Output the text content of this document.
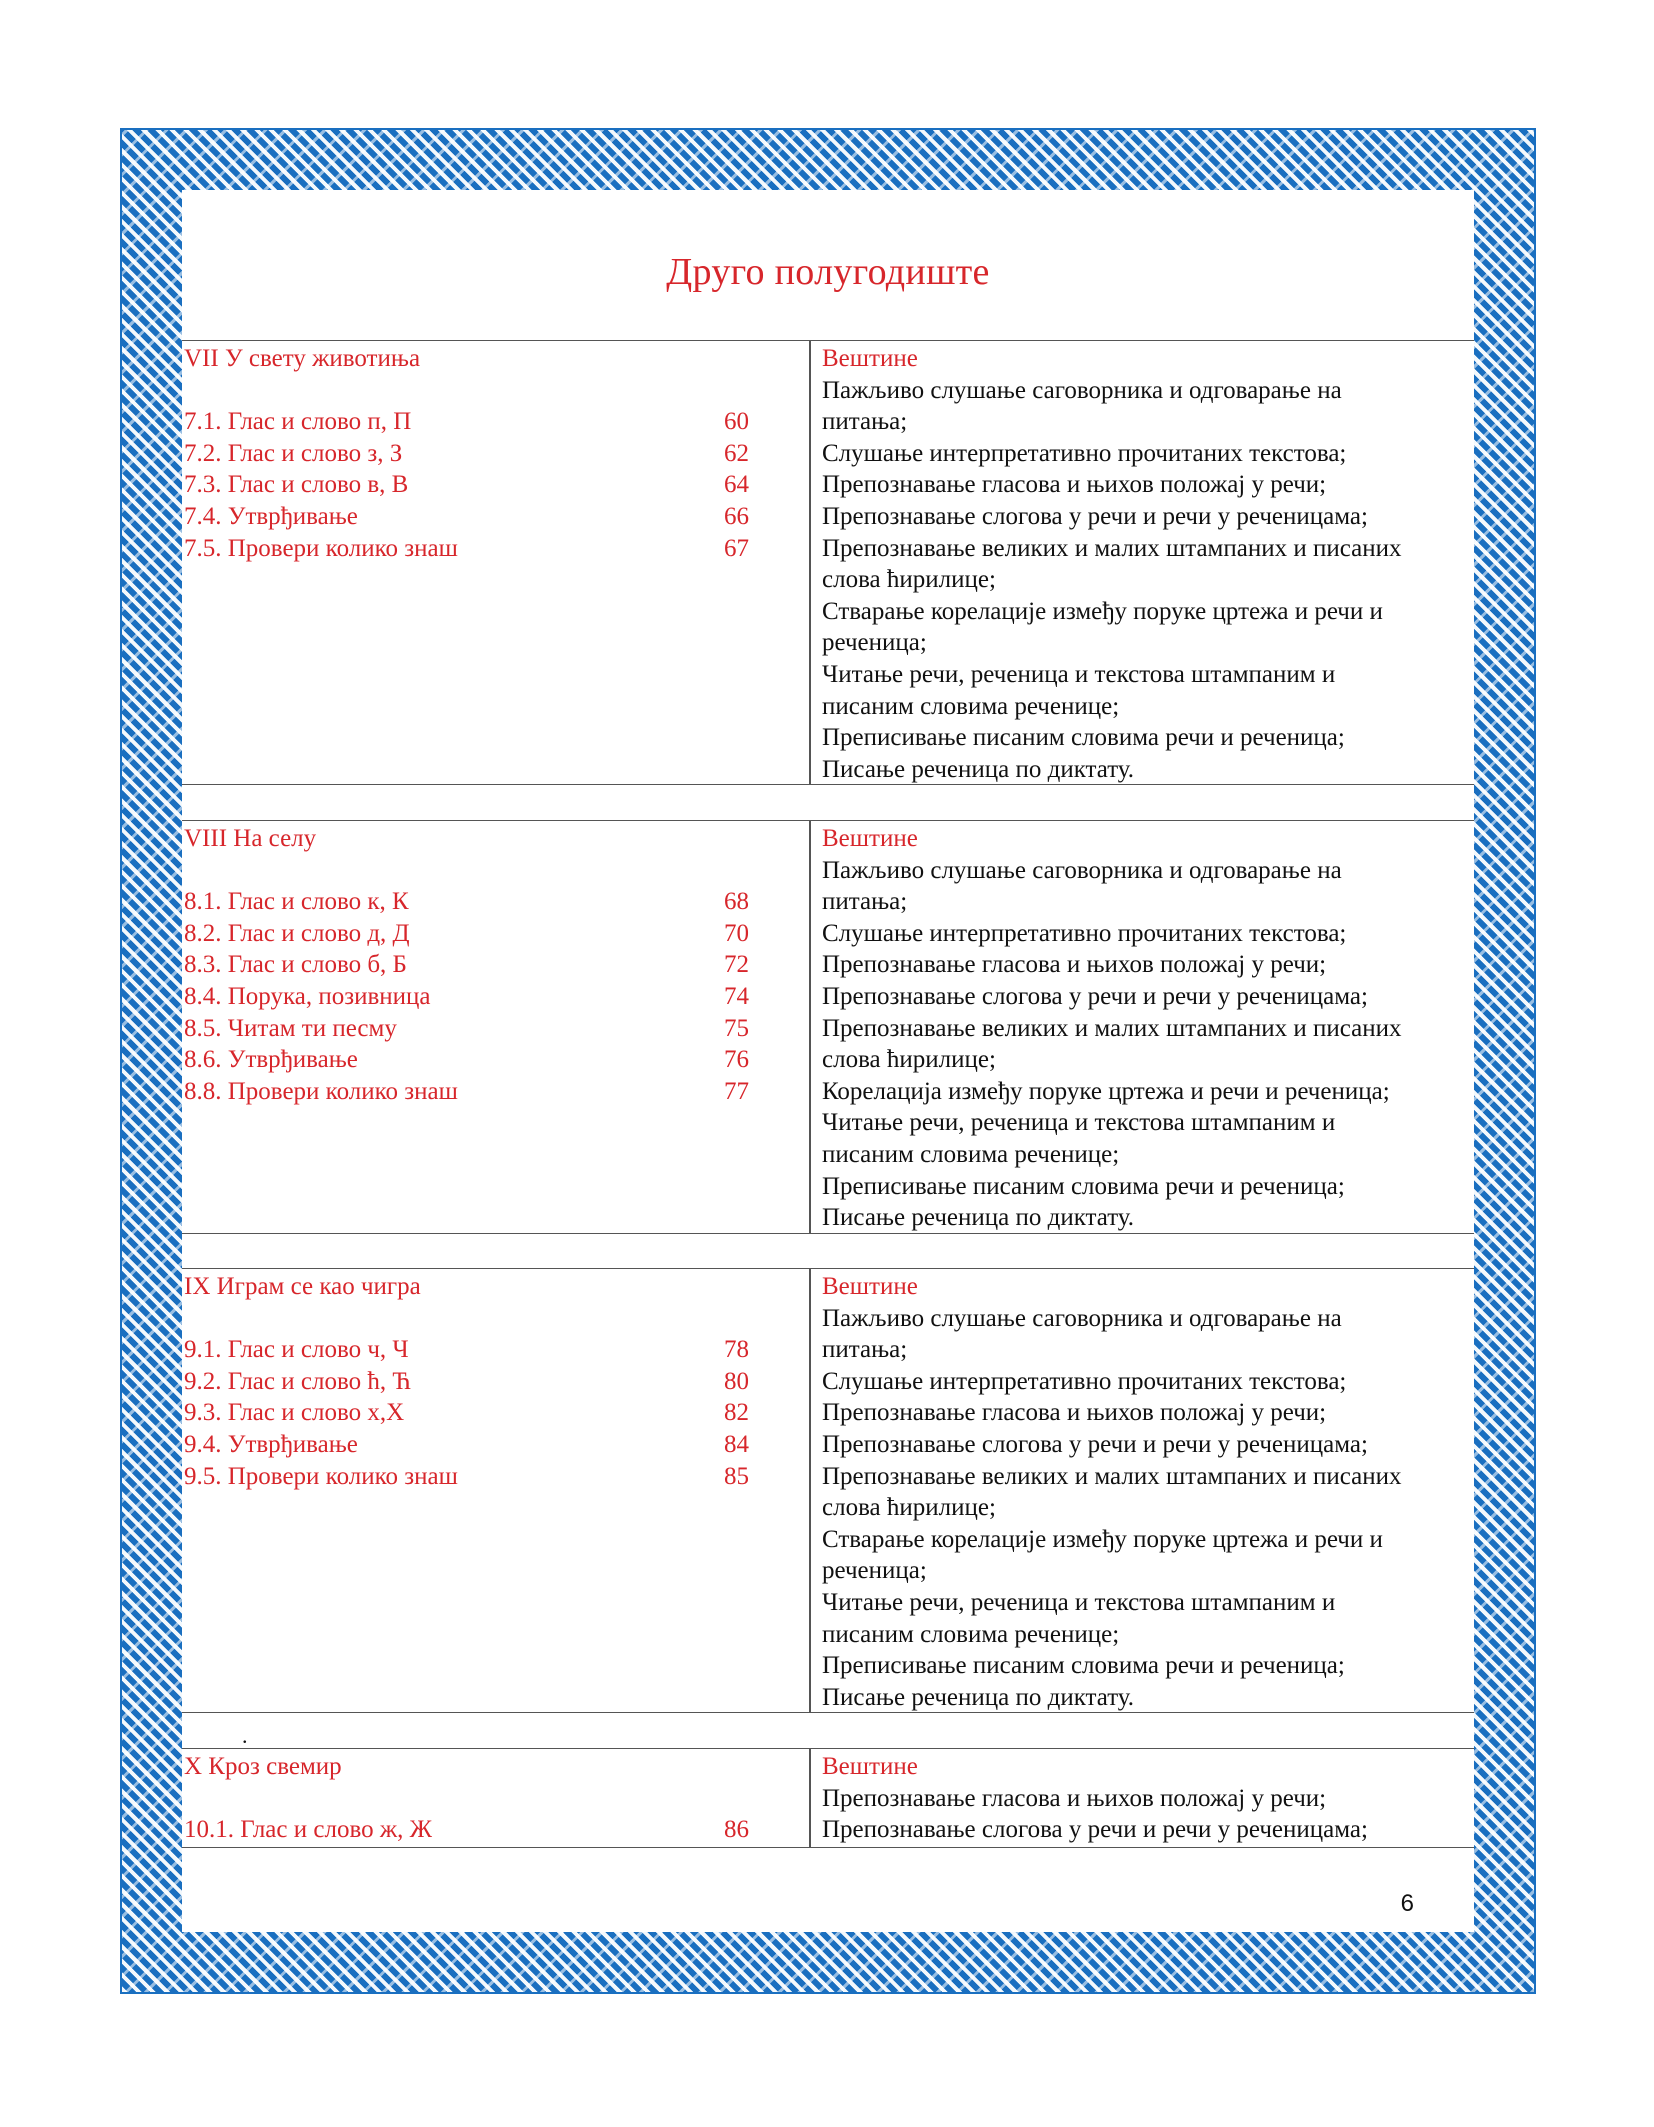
Друго полугодиште
VII У свету животиња
7.1. Глас и слово п, П	60
7.2. Глас и слово з, З	62
7.3. Глас и слово в, В	64
7.4. Утврђивање	66
7.5. Провери колико знаш	67
Вештине
Пажљиво слушање саговорника и одговарање на
питања;
Слушање интерпретативно прочитаних текстова;
Препознавање гласова и њихов положај у речи;
Препознавање слогова у речи и речи у реченицама;
Препознавање великих и малих штампаних и писаних
слова ћирилице;
Стварање корелације између поруке цртежа и речи и
реченица;
Читање речи, реченица и текстова штампаним и
писаним словима реченице;
Преписивање писаним словима речи и реченица;
Писање реченица по диктату.
VIII На селу
8.1. Глас и слово к, К	68
8.2. Глас и слово д, Д	70
8.3. Глас и слово б, Б	72
8.4. Порука, позивница	74
8.5. Читам ти песму	75
8.6. Утврђивање	76
8.8. Провери колико знаш	77
Вештине
Пажљиво слушање саговорника и одговарање на
питања;
Слушање интерпретативно прочитаних текстова;
Препознавање гласова и њихов положај у речи;
Препознавање слогова у речи и речи у реченицама;
Препознавање великих и малих штампаних и писаних
слова ћирилице;
Корелација између поруке цртежа и речи и реченица;
Читање речи, реченица и текстова штампаним и
писаним словима реченице;
Преписивање писаним словима речи и реченица;
Писање реченица по диктату.
IX Играм се као чигра
9.1. Глас и слово ч, Ч	78
9.2. Глас и слово ћ, Ћ	80
9.3. Глас и слово х,Х	82
9.4. Утврђивање	84
9.5. Провери колико знаш	85
Вештине
Пажљиво слушање саговорника и одговарање на
питања;
Слушање интерпретативно прочитаних текстова;
Препознавање гласова и њихов положај у речи;
Препознавање слогова у речи и речи у реченицама;
Препознавање великих и малих штампаних и писаних
слова ћирилице;
Стварање корелације између поруке цртежа и речи и
реченица;
Читање речи, реченица и текстова штампаним и
писаним словима реченице;
Преписивање писаним словима речи и реченица;
Писање реченица по диктату.
.
X Кроз свемир
10.1. Глас и слово ж, Ж	86
Вештине
Препознавање гласова и њихов положај у речи;
Препознавање слогова у речи и речи у реченицама;
6
